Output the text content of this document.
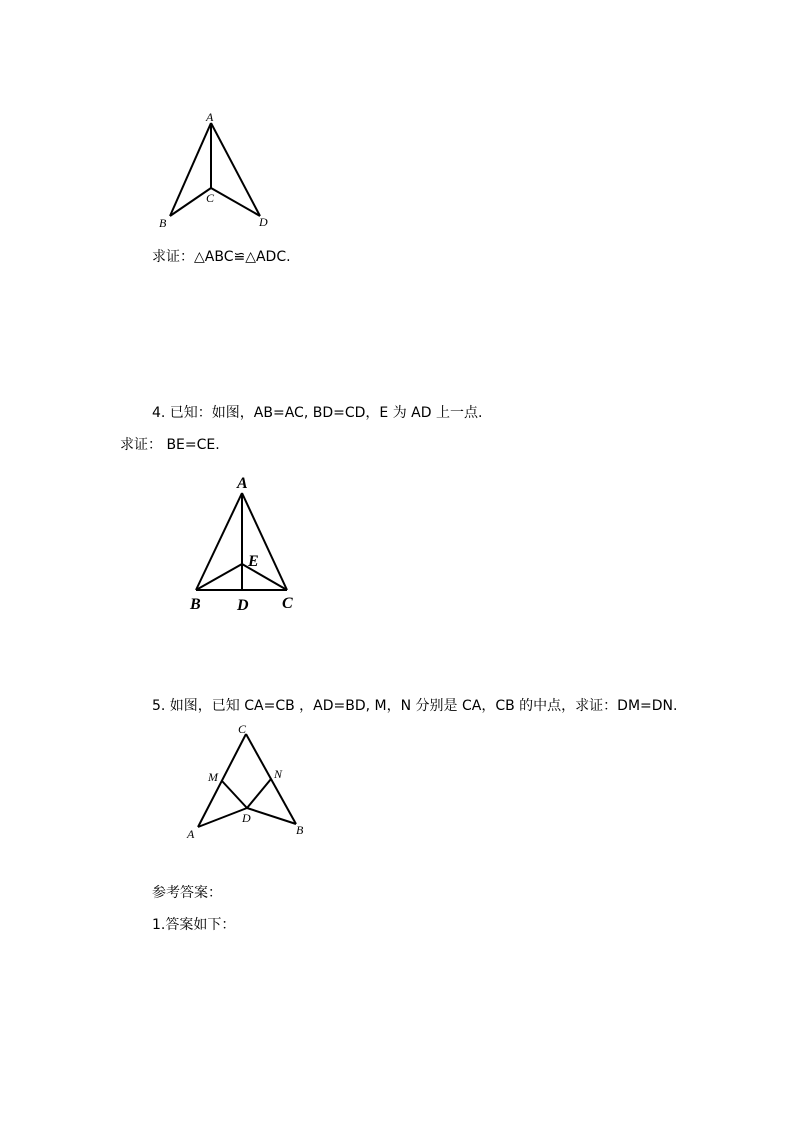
A
B
C
D
求证：△ABC≌△ADC.
4. 已知：如图，AB=AC, BD=CD，E 为 AD 上一点.
求证： BE=CE.
A
B	C
D
E
5. 如图，已知 CA=CB ，AD=BD, M，N 分别是 CA，CB 的中点，求证：DM=DN.
C
M	N
D
A	B
参考答案：
1.答案如下：
